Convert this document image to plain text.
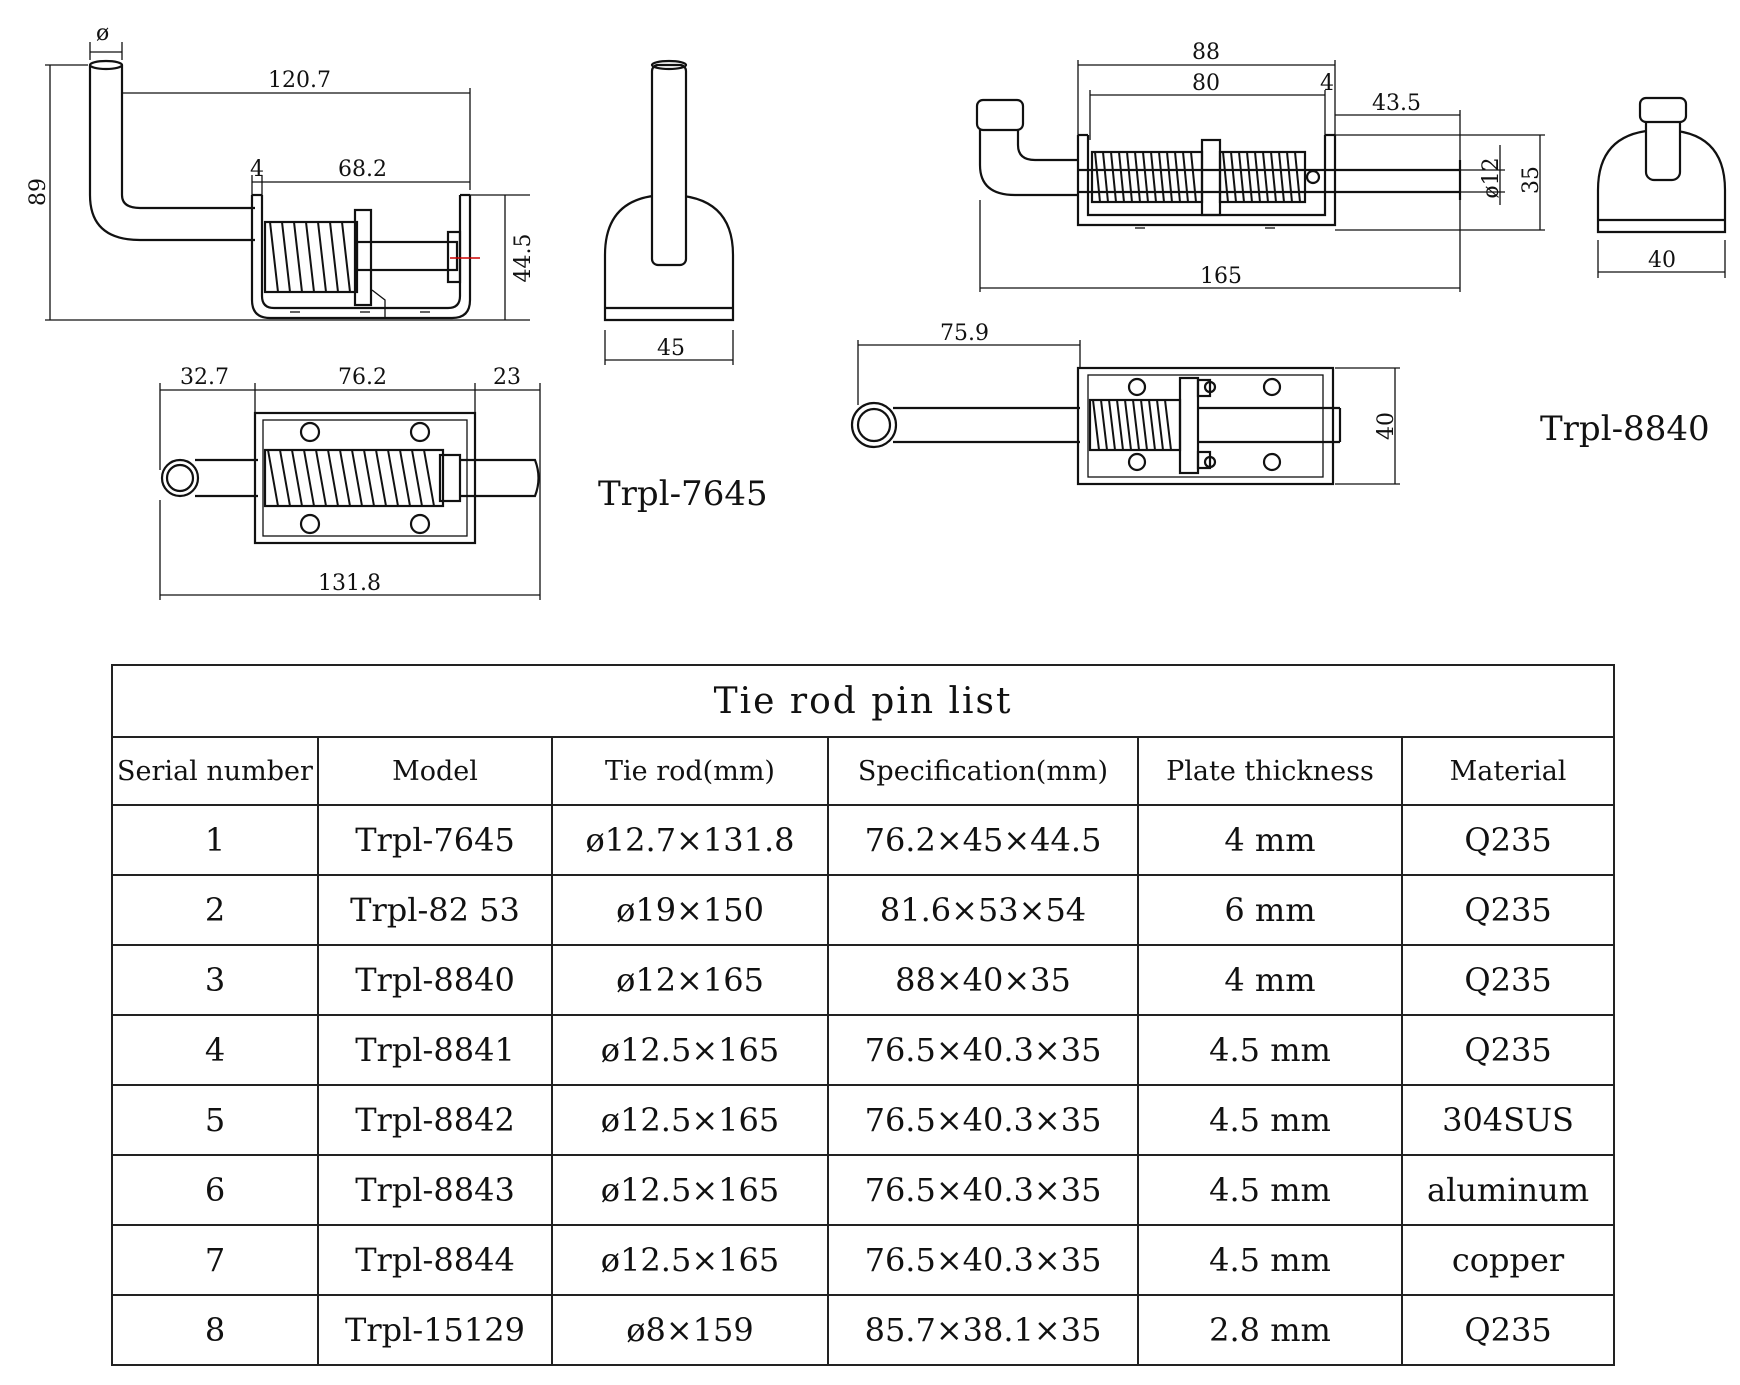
ø
120.7
89
4	68.2
44.5
45
32.7	76.2	23
131.8
Trpl-7645
88
80	4
43.5
ø12 35
165
40
75.9
40	Trpl-8840
Tie rod pin list					
Serial number	Model	Tie rod(mm)	Specification(mm)	Plate thickness	Material
1	Trpl-7645	ø12.7×131.8	76.2×45×44.5	4 mm	Q235
2	Trpl-82 53	ø19×150	81.6×53×54	6 mm	Q235
3	Trpl-8840	ø12×165	88×40×35	4 mm	Q235
4	Trpl-8841	ø12.5×165	76.5×40.3×35	4.5 mm	Q235
5	Trpl-8842	ø12.5×165	76.5×40.3×35	4.5 mm	304SUS
6	Trpl-8843	ø12.5×165	76.5×40.3×35	4.5 mm	aluminum
7	Trpl-8844	ø12.5×165	76.5×40.3×35	4.5 mm	copper
8	Trpl-15129	ø8×159	85.7×38.1×35	2.8 mm	Q235
